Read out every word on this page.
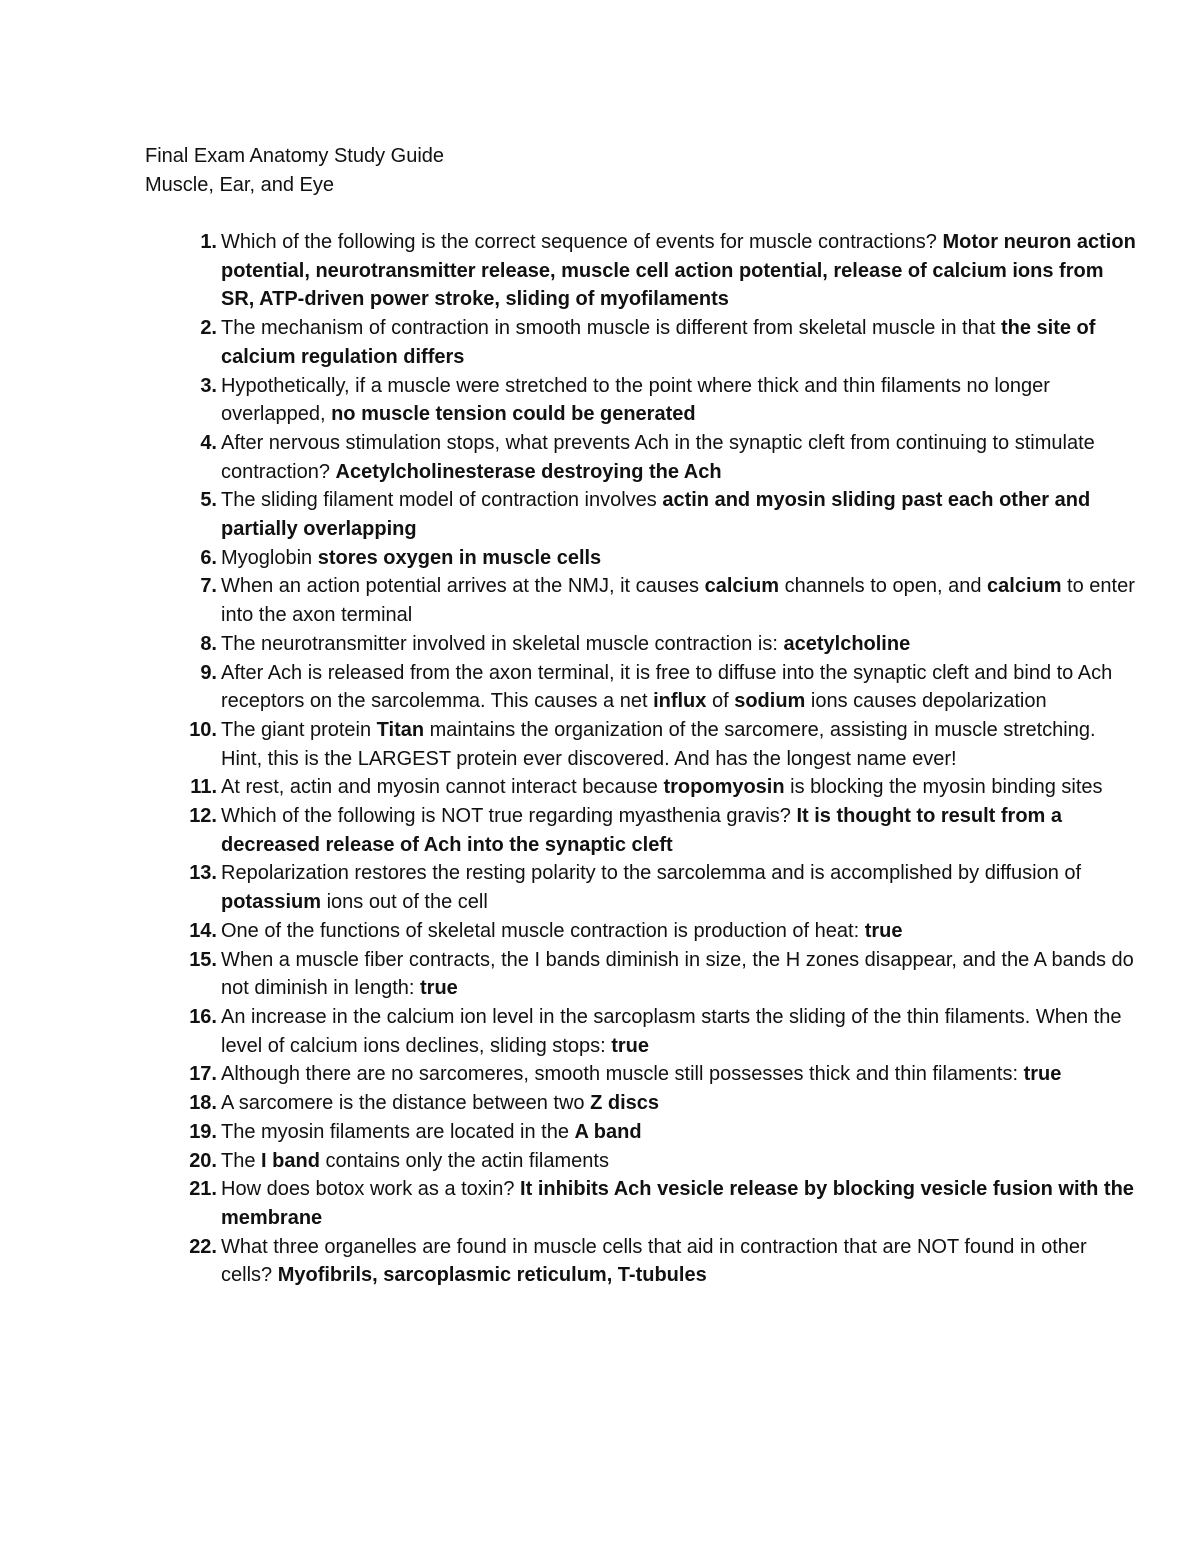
Final Exam Anatomy Study Guide

Muscle, Ear, and Eye

1. Which of the following is the correct sequence of events for muscle contractions? Motor neuron action potential, neurotransmitter release, muscle cell action potential, release of calcium ions from SR, ATP-driven power stroke, sliding of myofilaments
2. The mechanism of contraction in smooth muscle is different from skeletal muscle in that the site of calcium regulation differs
3. Hypothetically, if a muscle were stretched to the point where thick and thin filaments no longer overlapped, no muscle tension could be generated
4. After nervous stimulation stops, what prevents Ach in the synaptic cleft from continuing to stimulate contraction? Acetylcholinesterase destroying the Ach
5. The sliding filament model of contraction involves actin and myosin sliding past each other and partially overlapping
6. Myoglobin stores oxygen in muscle cells
7. When an action potential arrives at the NMJ, it causes calcium channels to open, and calcium to enter into the axon terminal
8. The neurotransmitter involved in skeletal muscle contraction is: acetylcholine
9. After Ach is released from the axon terminal, it is free to diffuse into the synaptic cleft and bind to Ach receptors on the sarcolemma. This causes a net influx of sodium ions causes depolarization
10. The giant protein Titan maintains the organization of the sarcomere, assisting in muscle stretching. Hint, this is the LARGEST protein ever discovered. And has the longest name ever!
11. At rest, actin and myosin cannot interact because tropomyosin is blocking the myosin binding sites
12. Which of the following is NOT true regarding myasthenia gravis? It is thought to result from a decreased release of Ach into the synaptic cleft
13. Repolarization restores the resting polarity to the sarcolemma and is accomplished by diffusion of potassium ions out of the cell
14. One of the functions of skeletal muscle contraction is production of heat: true
15. When a muscle fiber contracts, the I bands diminish in size, the H zones disappear, and the A bands do not diminish in length: true
16. An increase in the calcium ion level in the sarcoplasm starts the sliding of the thin filaments. When the level of calcium ions declines, sliding stops: true
17. Although there are no sarcomeres, smooth muscle still possesses thick and thin filaments: true
18. A sarcomere is the distance between two Z discs
19. The myosin filaments are located in the A band
20. The I band contains only the actin filaments
21. How does botox work as a toxin? It inhibits Ach vesicle release by blocking vesicle fusion with the membrane
22. What three organelles are found in muscle cells that aid in contraction that are NOT found in other cells? Myofibrils, sarcoplasmic reticulum, T-tubules
